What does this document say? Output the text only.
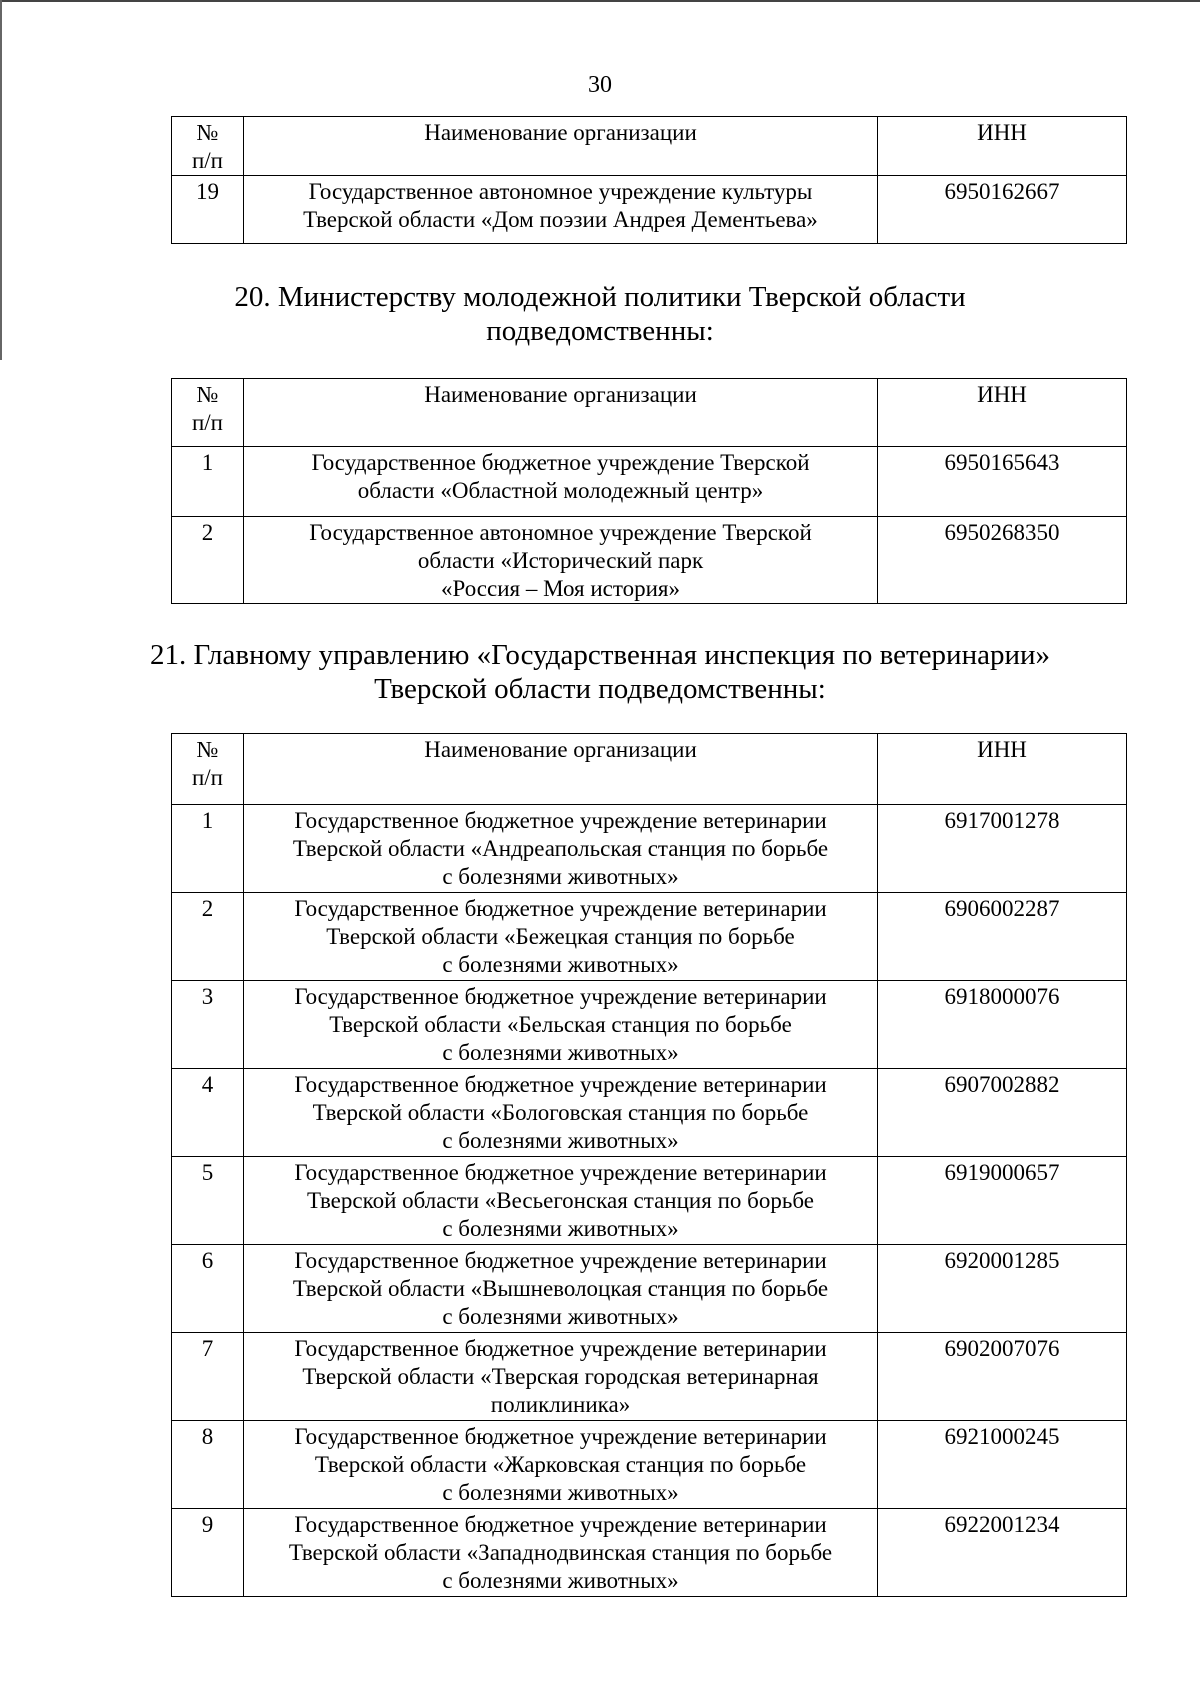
30
№
п/п	Наименование организации	ИНН
19	Государственное автономное учреждение культуры
Тверской области «Дом поэзии Андрея Дементьева»	6950162667
20. Министерству молодежной политики Тверской области
подведомственны:
№
п/п	Наименование организации	ИНН
1	Государственное бюджетное учреждение Тверской
области «Областной молодежный центр»	6950165643
2	Государственное автономное учреждение Тверской
области «Исторический парк
«Россия – Моя история»	6950268350
21. Главному управлению «Государственная инспекция по ветеринарии»
Тверской области подведомственны:
№
п/п	Наименование организации	ИНН
1	Государственное бюджетное учреждение ветеринарии
Тверской области «Андреапольская станция по борьбе
с болезнями животных»	6917001278
2	Государственное бюджетное учреждение ветеринарии
Тверской области «Бежецкая станция по борьбе
с болезнями животных»	6906002287
3	Государственное бюджетное учреждение ветеринарии
Тверской области «Бельская станция по борьбе
с болезнями животных»	6918000076
4	Государственное бюджетное учреждение ветеринарии
Тверской области «Бологовская станция по борьбе
с болезнями животных»	6907002882
5	Государственное бюджетное учреждение ветеринарии
Тверской области «Весьегонская станция по борьбе
с болезнями животных»	6919000657
6	Государственное бюджетное учреждение ветеринарии
Тверской области «Вышневолоцкая станция по борьбе
с болезнями животных»	6920001285
7	Государственное бюджетное учреждение ветеринарии
Тверской области «Тверская городская ветеринарная
поликлиника»	6902007076
8	Государственное бюджетное учреждение ветеринарии
Тверской области «Жарковская станция по борьбе
с болезнями животных»	6921000245
9	Государственное бюджетное учреждение ветеринарии
Тверской области «Западнодвинская станция по борьбе
с болезнями животных»	6922001234
